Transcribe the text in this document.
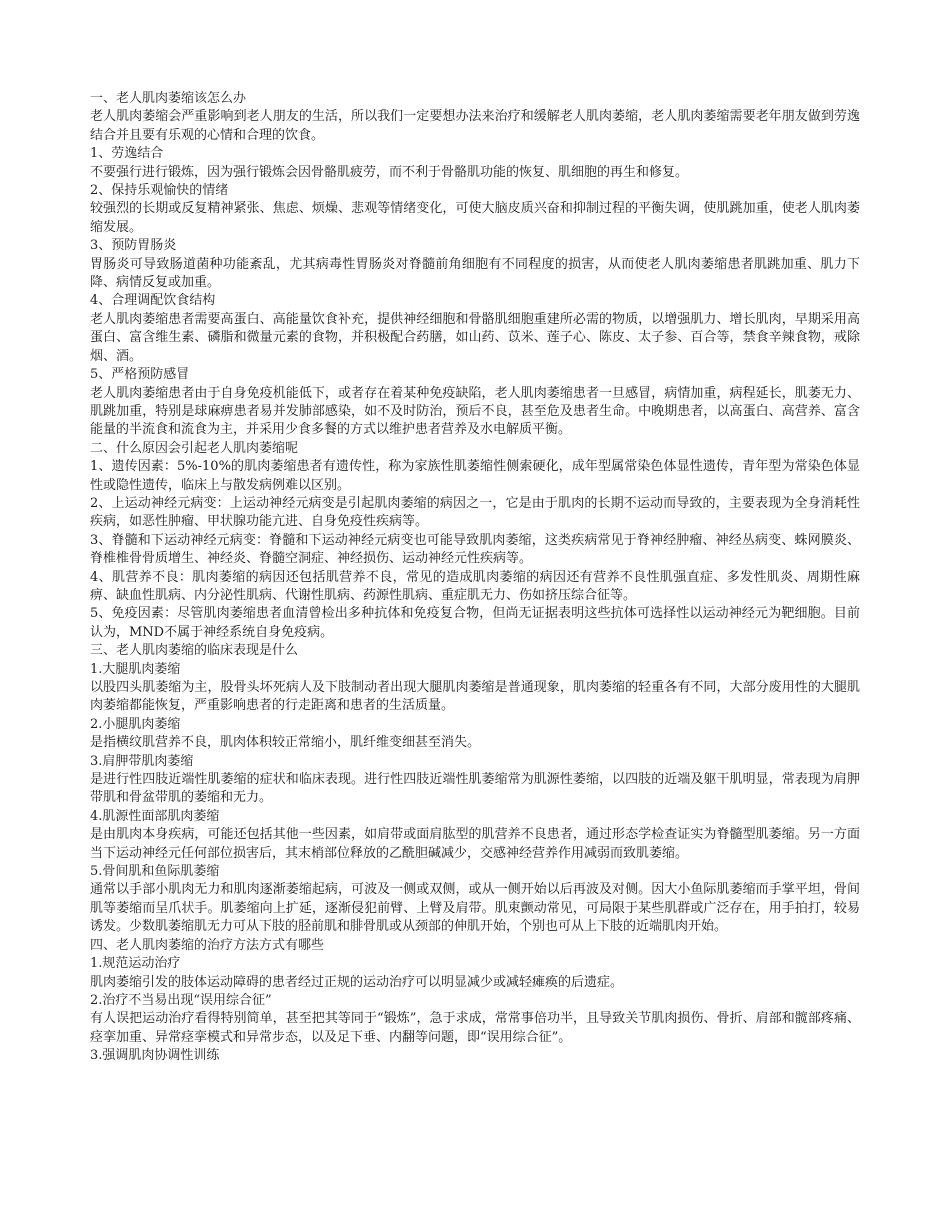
一、老人肌肉萎缩该怎么办

老人肌肉萎缩会严重影响到老人朋友的生活，所以我们一定要想办法来治疗和缓解老人肌肉萎缩，老人肌肉萎缩需要老年朋友做到劳逸结合并且要有乐观的心情和合理的饮食。

1、劳逸结合

不要强行进行锻炼，因为强行锻炼会因骨骼肌疲劳，而不利于骨骼肌功能的恢复、肌细胞的再生和修复。

2、保持乐观愉快的情绪

较强烈的长期或反复精神紧张、焦虑、烦燥、悲观等情绪变化，可使大脑皮质兴奋和抑制过程的平衡失调，使肌跳加重，使老人肌肉萎缩发展。

3、预防胃肠炎

胃肠炎可导致肠道菌种功能紊乱，尤其病毒性胃肠炎对脊髓前角细胞有不同程度的损害，从而使老人肌肉萎缩患者肌跳加重、肌力下降、病情反复或加重。

4、合理调配饮食结构

老人肌肉萎缩患者需要高蛋白、高能量饮食补充，提供神经细胞和骨骼肌细胞重建所必需的物质，以增强肌力、增长肌肉，早期采用高蛋白、富含维生素、磷脂和微量元素的食物，并积极配合药膳，如山药、苡米、莲子心、陈皮、太子参、百合等，禁食辛辣食物，戒除烟、酒。

5、严格预防感冒

老人肌肉萎缩患者由于自身免疫机能低下，或者存在着某种免疫缺陷，老人肌肉萎缩患者一旦感冒，病情加重，病程延长，肌萎无力、肌跳加重，特别是球麻痹患者易并发肺部感染，如不及时防治，预后不良，甚至危及患者生命。中晚期患者，以高蛋白、高营养、富含能量的半流食和流食为主，并采用少食多餐的方式以维护患者营养及水电解质平衡。

二、什么原因会引起老人肌肉萎缩呢

1、遗传因素：5%-10%的肌肉萎缩患者有遗传性，称为家族性肌萎缩性侧索硬化，成年型属常染色体显性遗传，青年型为常染色体显性或隐性遗传，临床上与散发病例难以区别。

2、上运动神经元病变：上运动神经元病变是引起肌肉萎缩的病因之一，它是由于肌肉的长期不运动而导致的，主要表现为全身消耗性疾病，如恶性肿瘤、甲状腺功能亢进、自身免疫性疾病等。

3、脊髓和下运动神经元病变：脊髓和下运动神经元病变也可能导致肌肉萎缩，这类疾病常见于脊神经肿瘤、神经丛病变、蛛网膜炎、脊椎椎骨骨质增生、神经炎、脊髓空洞症、神经损伤、运动神经元性疾病等。

4、肌营养不良：肌肉萎缩的病因还包括肌营养不良，常见的造成肌肉萎缩的病因还有营养不良性肌强直症、多发性肌炎、周期性麻痹、缺血性肌病、内分泌性肌病、代谢性肌病、药源性肌病、重症肌无力、伤如挤压综合征等。

5、免疫因素：尽管肌肉萎缩患者血清曾检出多种抗体和免疫复合物，但尚无证据表明这些抗体可选择性以运动神经元为靶细胞。目前认为，MND不属于神经系统自身免疫病。

三、老人肌肉萎缩的临床表现是什么

1.大腿肌肉萎缩

以股四头肌萎缩为主，股骨头坏死病人及下肢制动者出现大腿肌肉萎缩是普通现象，肌肉萎缩的轻重各有不同，大部分废用性的大腿肌肉萎缩都能恢复，严重影响患者的行走距离和患者的生活质量。

2.小腿肌肉萎缩

是指横纹肌营养不良，肌肉体积较正常缩小，肌纤维变细甚至消失。

3.肩胛带肌肉萎缩

是进行性四肢近端性肌萎缩的症状和临床表现。进行性四肢近端性肌萎缩常为肌源性萎缩，以四肢的近端及躯干肌明显，常表现为肩胛带肌和骨盆带肌的萎缩和无力。

4.肌源性面部肌肉萎缩

是由肌肉本身疾病，可能还包括其他一些因素，如肩带或面肩肱型的肌营养不良患者，通过形态学检查证实为脊髓型肌萎缩。另一方面当下运动神经元任何部位损害后，其末梢部位释放的乙酰胆碱减少，交感神经营养作用减弱而致肌萎缩。

5.骨间肌和鱼际肌萎缩

通常以手部小肌肉无力和肌肉逐渐萎缩起病，可波及一侧或双侧，或从一侧开始以后再波及对侧。因大小鱼际肌萎缩而手掌平坦，骨间肌等萎缩而呈爪状手。肌萎缩向上扩延，逐渐侵犯前臂、上臂及肩带。肌束颤动常见，可局限于某些肌群或广泛存在，用手拍打，较易诱发。少数肌萎缩肌无力可从下肢的胫前肌和腓骨肌或从颈部的伸肌开始，个别也可从上下肢的近端肌肉开始。

四、老人肌肉萎缩的治疗方法方式有哪些

1.规范运动治疗

肌肉萎缩引发的肢体运动障碍的患者经过正规的运动治疗可以明显减少或减轻瘫痪的后遗症。

2.治疗不当易出现“误用综合征”

有人误把运动治疗看得特别简单，甚至把其等同于“锻炼”，急于求成，常常事倍功半，且导致关节肌肉损伤、骨折、肩部和髋部疼痛、痉挛加重、异常痉挛模式和异常步态，以及足下垂、内翻等问题，即“误用综合征”。

3.强调肌肉协调性训练
